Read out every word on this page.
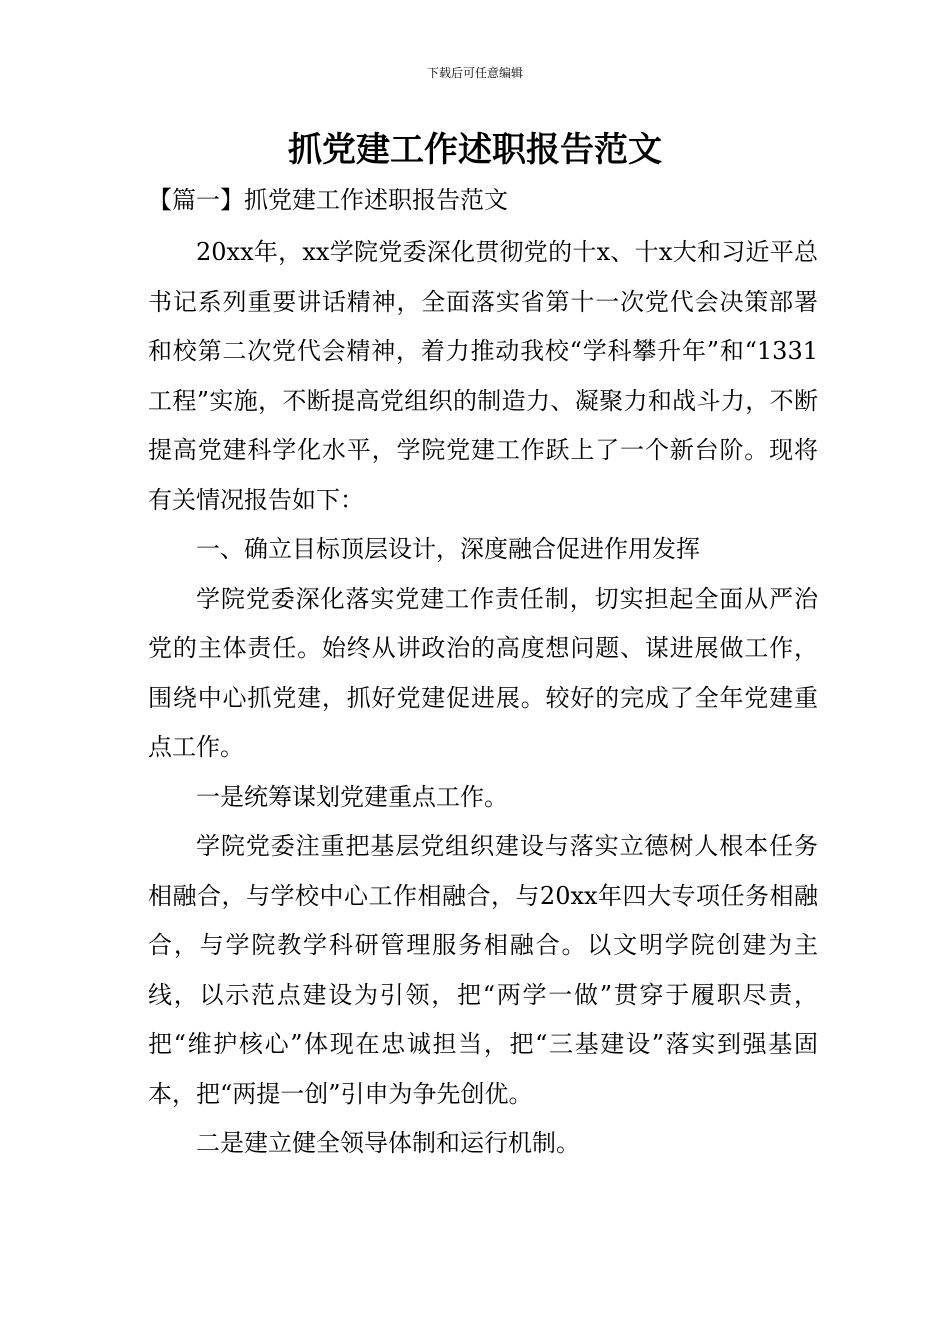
下载后可任意编辑
抓党建工作述职报告范文
【篇一】抓党建工作述职报告范文

20xx年，xx学院党委深化贯彻党的十x、十x大和习近平总书记系列重要讲话精神，全面落实省第十一次党代会决策部署和校第二次党代会精神，着力推动我校“学科攀升年”和“1331工程”实施，不断提高党组织的制造力、凝聚力和战斗力，不断提高党建科学化水平，学院党建工作跃上了一个新台阶。现将有关情况报告如下：

一、确立目标顶层设计，深度融合促进作用发挥

学院党委深化落实党建工作责任制，切实担起全面从严治党的主体责任。始终从讲政治的高度想问题、谋进展做工作，围绕中心抓党建，抓好党建促进展。较好的完成了全年党建重点工作。

一是统筹谋划党建重点工作。

学院党委注重把基层党组织建设与落实立德树人根本任务相融合，与学校中心工作相融合，与20xx年四大专项任务相融合，与学院教学科研管理服务相融合。以文明学院创建为主线，以示范点建设为引领，把“两学一做”贯穿于履职尽责，把“维护核心”体现在忠诚担当，把“三基建设”落实到强基固本，把“两提一创”引申为争先创优。

二是建立健全领导体制和运行机制。
